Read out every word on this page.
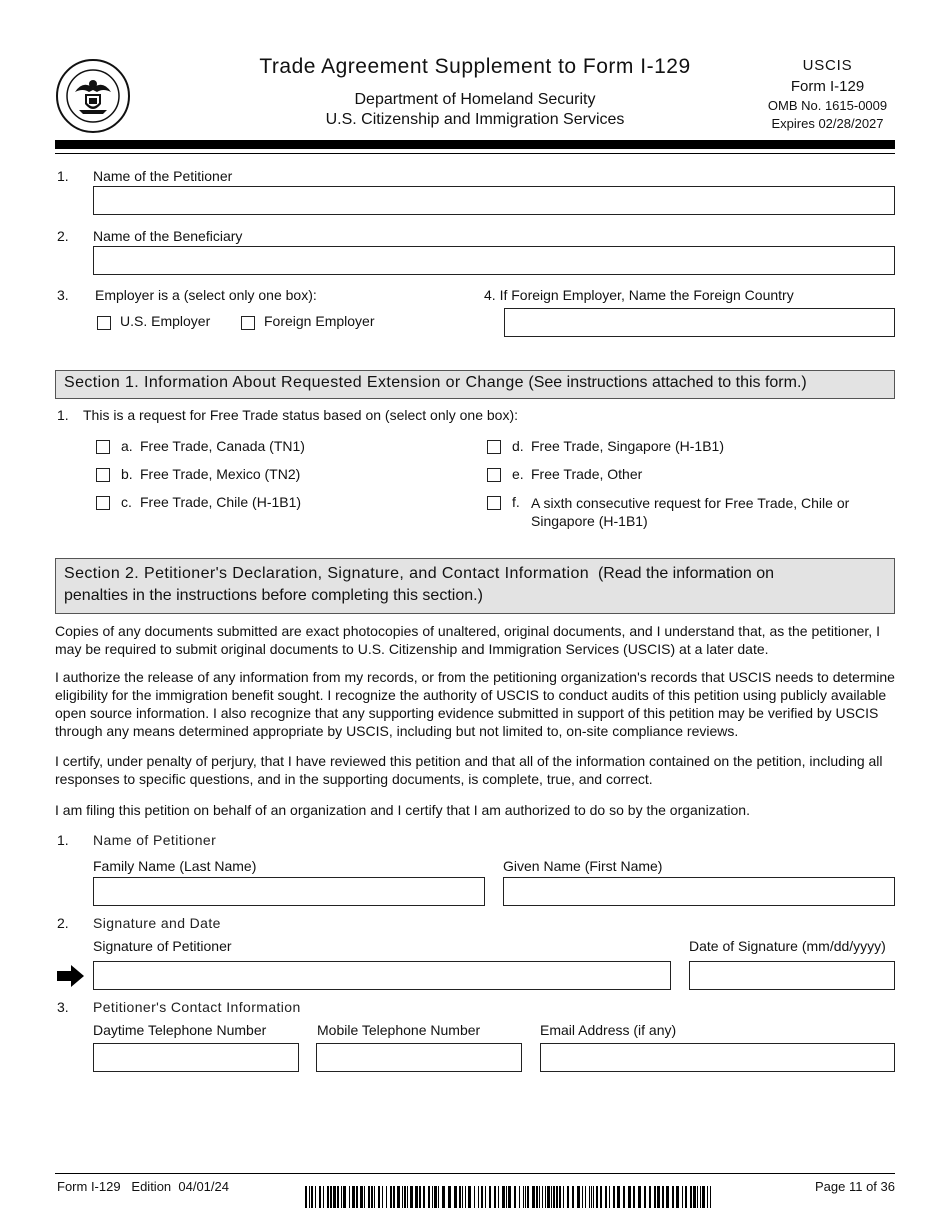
Trade Agreement Supplement to Form I-129
Department of Homeland Security
U.S. Citizenship and Immigration Services
USCIS
Form I-129
OMB No. 1615-0009
Expires 02/28/2027
1. Name of the Petitioner
2. Name of the Beneficiary
3. Employer is a (select only one box):
U.S. Employer	Foreign Employer
4. If Foreign Employer, Name the Foreign Country
Section 1. Information About Requested Extension or Change (See instructions attached to this form.)
1. This is a request for Free Trade status based on (select only one box):
a. Free Trade, Canada (TN1)
b. Free Trade, Mexico (TN2)
c. Free Trade, Chile (H-1B1)
d. Free Trade, Singapore (H-1B1)
e. Free Trade, Other
f. A sixth consecutive request for Free Trade, Chile or Singapore (H-1B1)
Section 2. Petitioner's Declaration, Signature, and Contact Information (Read the information on
penalties in the instructions before completing this section.)
Copies of any documents submitted are exact photocopies of unaltered, original documents, and I understand that, as the petitioner, I may be required to submit original documents to U.S. Citizenship and Immigration Services (USCIS) at a later date.
I authorize the release of any information from my records, or from the petitioning organization's records that USCIS needs to determine eligibility for the immigration benefit sought. I recognize the authority of USCIS to conduct audits of this petition using publicly available open source information. I also recognize that any supporting evidence submitted in support of this petition may be verified by USCIS through any means determined appropriate by USCIS, including but not limited to, on-site compliance reviews.
I certify, under penalty of perjury, that I have reviewed this petition and that all of the information contained on the petition, including all responses to specific questions, and in the supporting documents, is complete, true, and correct.
I am filing this petition on behalf of an organization and I certify that I am authorized to do so by the organization.
1. Name of Petitioner
Family Name (Last Name)	Given Name (First Name)
2. Signature and Date
Signature of Petitioner	Date of Signature (mm/dd/yyyy)
3. Petitioner's Contact Information
Daytime Telephone Number	Mobile Telephone Number	Email Address (if any)
Form I-129   Edition  04/01/24	Page 11 of 36
